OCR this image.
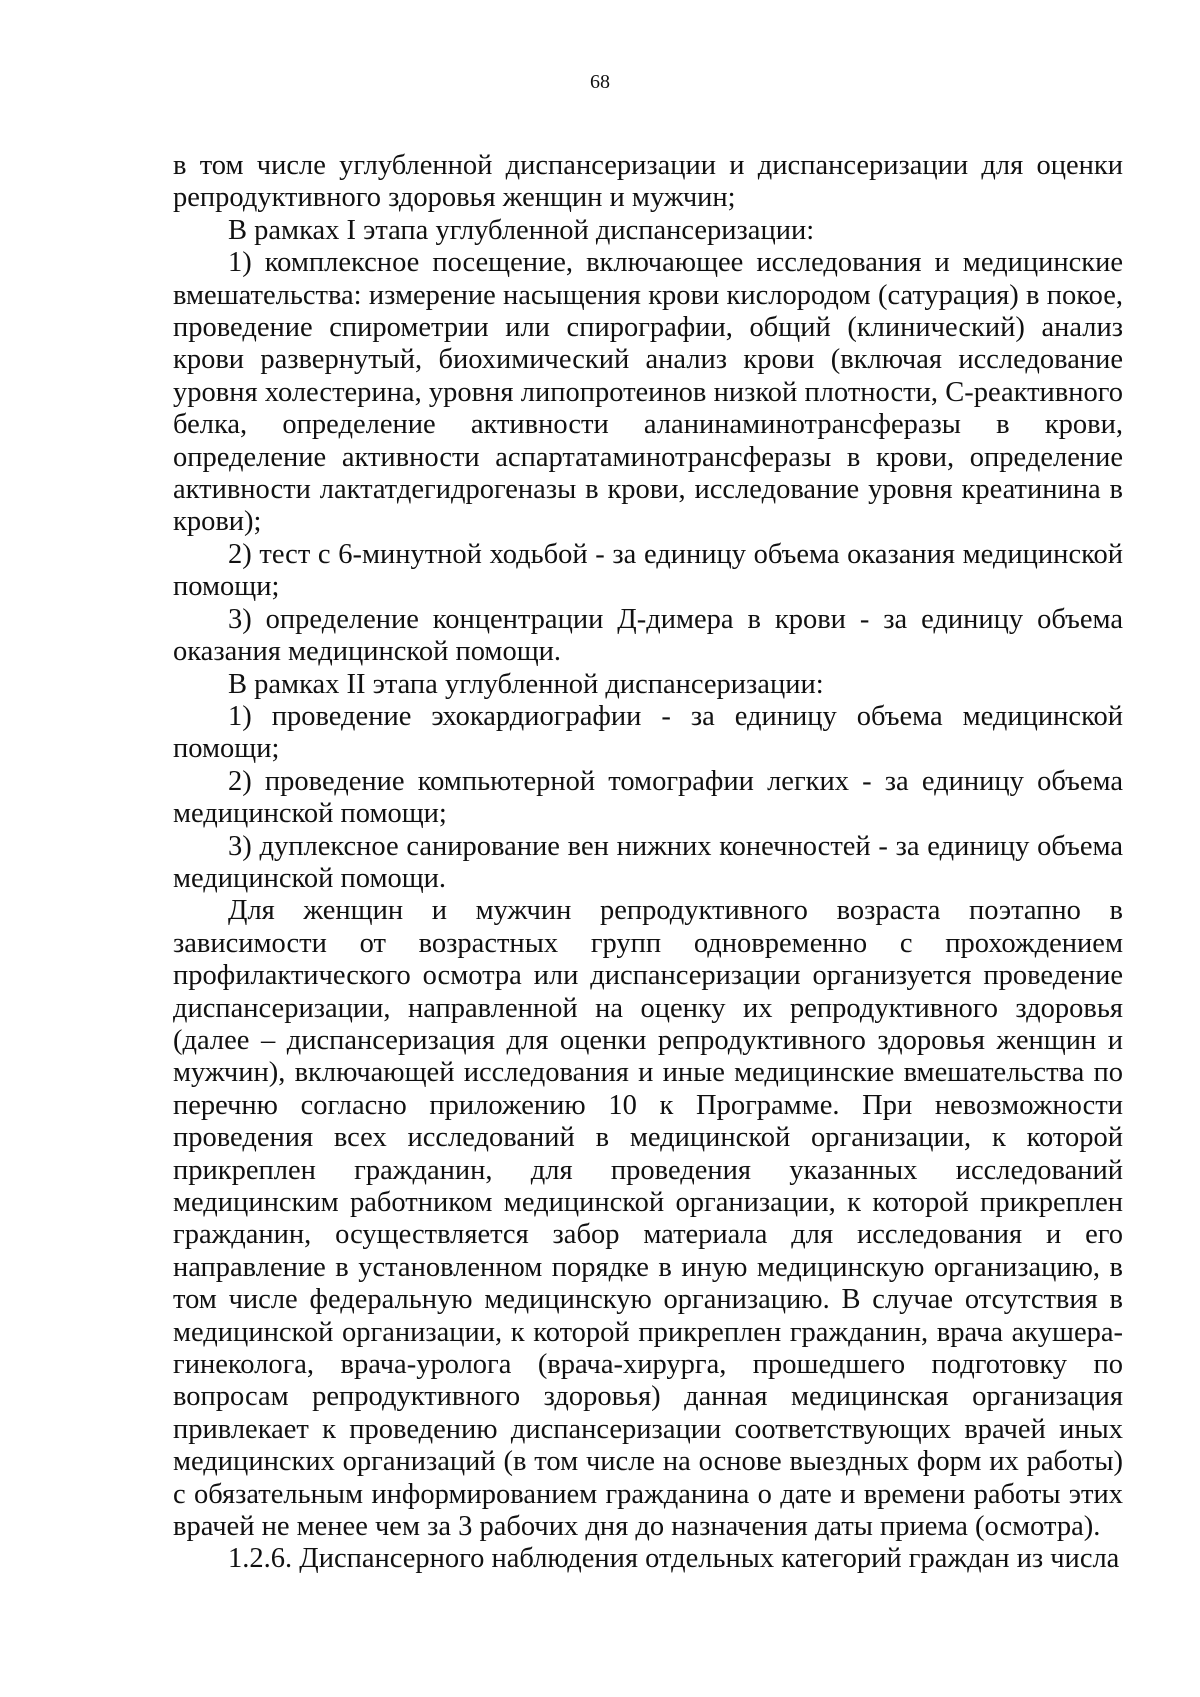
68

в том числе углубленной диспансеризации и диспансеризации для оценки репродуктивного здоровья женщин и мужчин;

В рамках I этапа углубленной диспансеризации:

1) комплексное посещение, включающее исследования и медицинские вмешательства: измерение насыщения крови кислородом (сатурация) в покое, проведение спирометрии или спирографии, общий (клинический) анализ крови развернутый, биохимический анализ крови (включая исследование уровня холестерина, уровня липопротеинов низкой плотности, С-реактивного белка, определение активности аланинаминотрансферазы в крови, определение активности аспартатаминотрансферазы в крови, определение активности лактатдегидрогеназы в крови, исследование уровня креатинина в крови);

2) тест с 6-минутной ходьбой - за единицу объема оказания медицинской помощи;

3) определение концентрации Д-димера в крови - за единицу объема оказания медицинской помощи.

В рамках II этапа углубленной диспансеризации:

1) проведение эхокардиографии - за единицу объема медицинской помощи;

2) проведение компьютерной томографии легких - за единицу объема медицинской помощи;

3) дуплексное санирование вен нижних конечностей - за единицу объема медицинской помощи.

Для женщин и мужчин репродуктивного возраста поэтапно в зависимости от возрастных групп одновременно с прохождением профилактического осмотра или диспансеризации организуется проведение диспансеризации, направленной на оценку их репродуктивного здоровья (далее – диспансеризация для оценки репродуктивного здоровья женщин и мужчин), включающей исследования и иные медицинские вмешательства по перечню согласно приложению 10 к Программе. При невозможности проведения всех исследований в медицинской организации, к которой прикреплен гражданин, для проведения указанных исследований медицинским работником медицинской организации, к которой прикреплен гражданин, осуществляется забор материала для исследования и его направление в установленном порядке в иную медицинскую организацию, в том числе федеральную медицинскую организацию. В случае отсутствия в медицинской организации, к которой прикреплен гражданин, врача акушера-гинеколога, врача-уролога (врача-хирурга, прошедшего подготовку по вопросам репродуктивного здоровья) данная медицинская организация привлекает к проведению диспансеризации соответствующих врачей иных медицинских организаций (в том числе на основе выездных форм их работы) с обязательным информированием гражданина о дате и времени работы этих врачей не менее чем за 3 рабочих дня до назначения даты приема (осмотра).

1.2.6. Диспансерного наблюдения отдельных категорий граждан из числа
